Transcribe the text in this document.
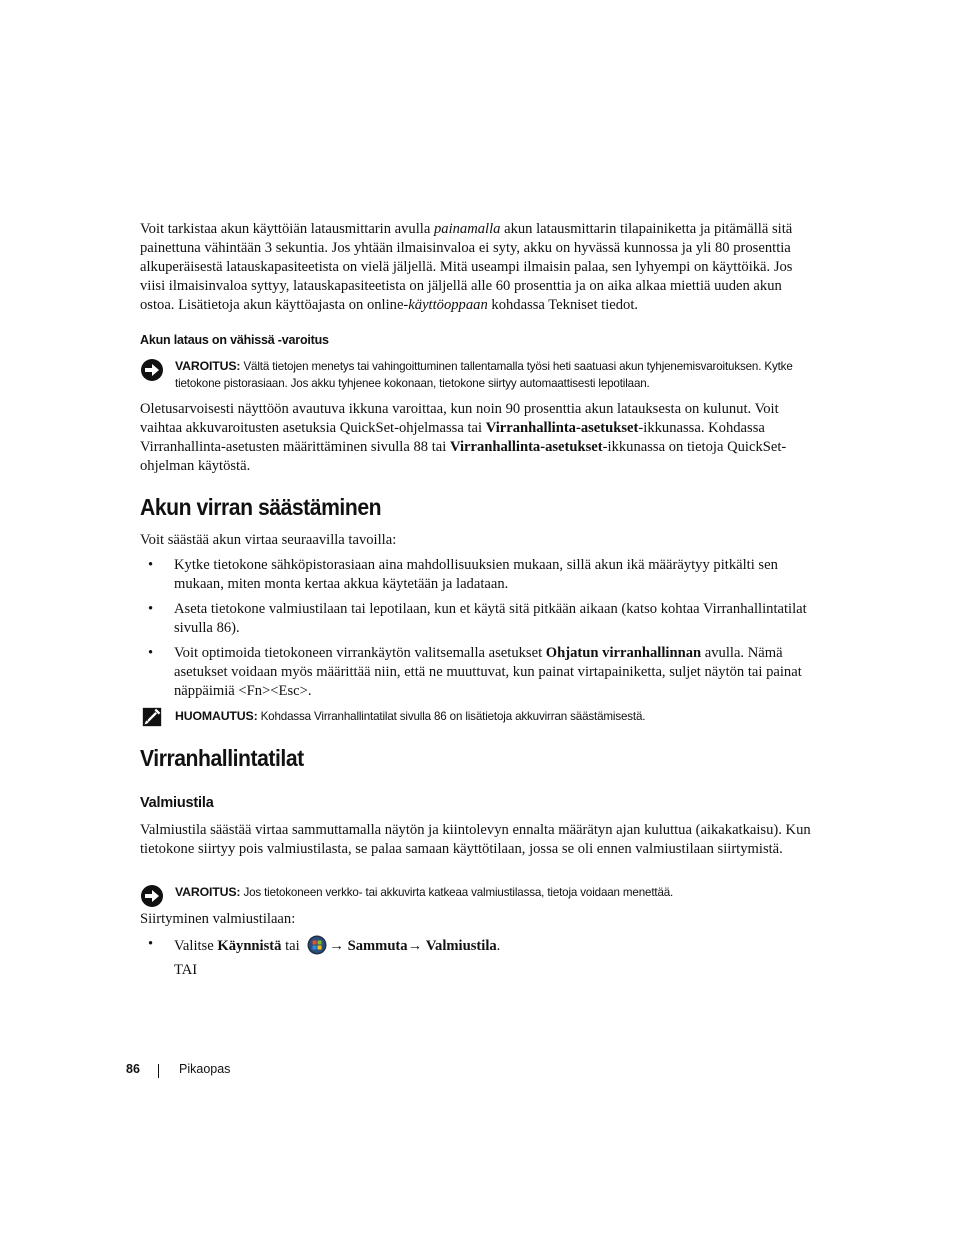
Voit tarkistaa akun käyttöiän latausmittarin avulla painamalla akun latausmittarin tilapainiketta ja pitämällä sitä painettuna vähintään 3 sekuntia. Jos yhtään ilmaisinvaloa ei syty, akku on hyvässä kunnossa ja yli 80 prosenttia alkuperäisestä latauskapasiteetista on vielä jäljellä. Mitä useampi ilmaisin palaa, sen lyhyempi on käyttöikä. Jos viisi ilmaisinvaloa syttyy, latauskapasiteetista on jäljellä alle 60 prosenttia ja on aika alkaa miettiä uuden akun ostoa. Lisätietoja akun käyttöajasta on online-käyttöoppaan kohdassa Tekniset tiedot.

Akun lataus on vähissä -varoitus
VAROITUS: Vältä tietojen menetys tai vahingoittuminen tallentamalla työsi heti saatuasi akun tyhjenemisvaroituksen. Kytke tietokone pistorasiaan. Jos akku tyhjenee kokonaan, tietokone siirtyy automaattisesti lepotilaan.

Oletusarvoisesti näyttöön avautuva ikkuna varoittaa, kun noin 90 prosenttia akun latauksesta on kulunut. Voit vaihtaa akkuvaroitusten asetuksia QuickSet-ohjelmassa tai Virranhallinta-asetukset-ikkunassa. Kohdassa Virranhallinta-asetusten määrittäminen sivulla 88 tai Virranhallinta-asetukset-ikkunassa on tietoja QuickSet-ohjelman käytöstä.

Akun virran säästäminen

Voit säästää akun virtaa seuraavilla tavoilla:

• Kytke tietokone sähköpistorasiaan aina mahdollisuuksien mukaan, sillä akun ikä määräytyy pitkälti sen mukaan, miten monta kertaa akkua käytetään ja ladataan.
• Aseta tietokone valmiustilaan tai lepotilaan, kun et käytä sitä pitkään aikaan (katso kohtaa Virranhallintatilat sivulla 86).
• Voit optimoida tietokoneen virrankäytön valitsemalla asetukset Ohjatun virranhallinnan avulla. Nämä asetukset voidaan myös määrittää niin, että ne muuttuvat, kun painat virtapainiketta, suljet näytön tai painat näppäimiä <Fn><Esc>.
HUOMAUTUS: Kohdassa Virranhallintatilat sivulla 86 on lisätietoja akkuvirran säästämisestä.
Virranhallintatilat
Valmiustila

Valmiustila säästää virtaa sammuttamalla näytön ja kiintolevyn ennalta määrätyn ajan kuluttua (aikakatkaisu). Kun tietokone siirtyy pois valmiustilasta, se palaa samaan käyttötilaan, jossa se oli ennen valmiustilaan siirtymistä.

VAROITUS: Jos tietokoneen verkko- tai akkuvirta katkeaa valmiustilassa, tietoja voidaan menettää.

Siirtyminen valmiustilaan:

• Valitse Käynnistä tai → Sammuta→ Valmiustila.
TAI
86	Pikaopas
